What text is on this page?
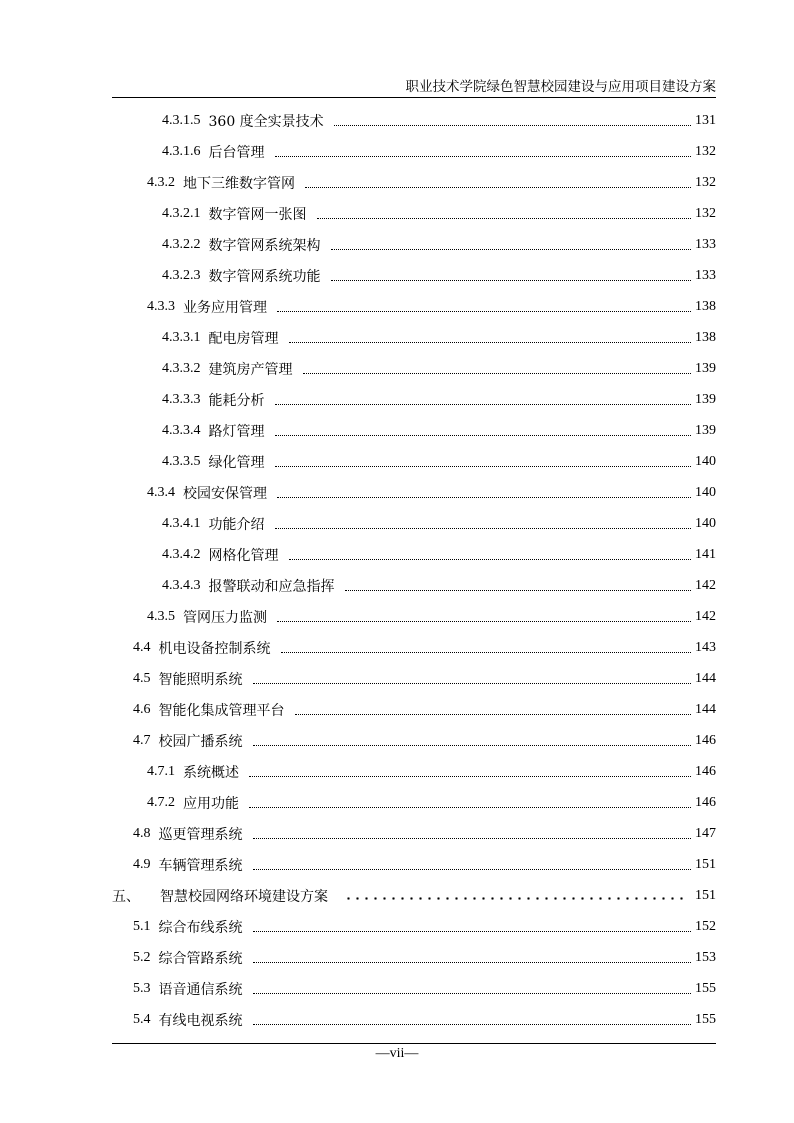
职业技术学院绿色智慧校园建设与应用项目建设方案
4.3.1.5 360 度全实景技术	131
4.3.1.6 后台管理	132
4.3.2 地下三维数字管网	132
4.3.2.1 数字管网一张图	132
4.3.2.2 数字管网系统架构	133
4.3.2.3 数字管网系统功能	133
4.3.3 业务应用管理	138
4.3.3.1 配电房管理	138
4.3.3.2 建筑房产管理	139
4.3.3.3 能耗分析	139
4.3.3.4 路灯管理	139
4.3.3.5 绿化管理	140
4.3.4 校园安保管理	140
4.3.4.1 功能介绍	140
4.3.4.2 网格化管理	141
4.3.4.3 报警联动和应急指挥	142
4.3.5 管网压力监测	142
4.4 机电设备控制系统	143
4.5 智能照明系统	144
4.6 智能化集成管理平台	144
4.7 校园广播系统	146
4.7.1 系统概述	146
4.7.2 应用功能	146
4.8 巡更管理系统	147
4.9 车辆管理系统	151
五、 智慧校园网络环境建设方案	151
5.1 综合布线系统	152
5.2 综合管路系统	153
5.3 语音通信系统	155
5.4 有线电视系统	155
—vii—
